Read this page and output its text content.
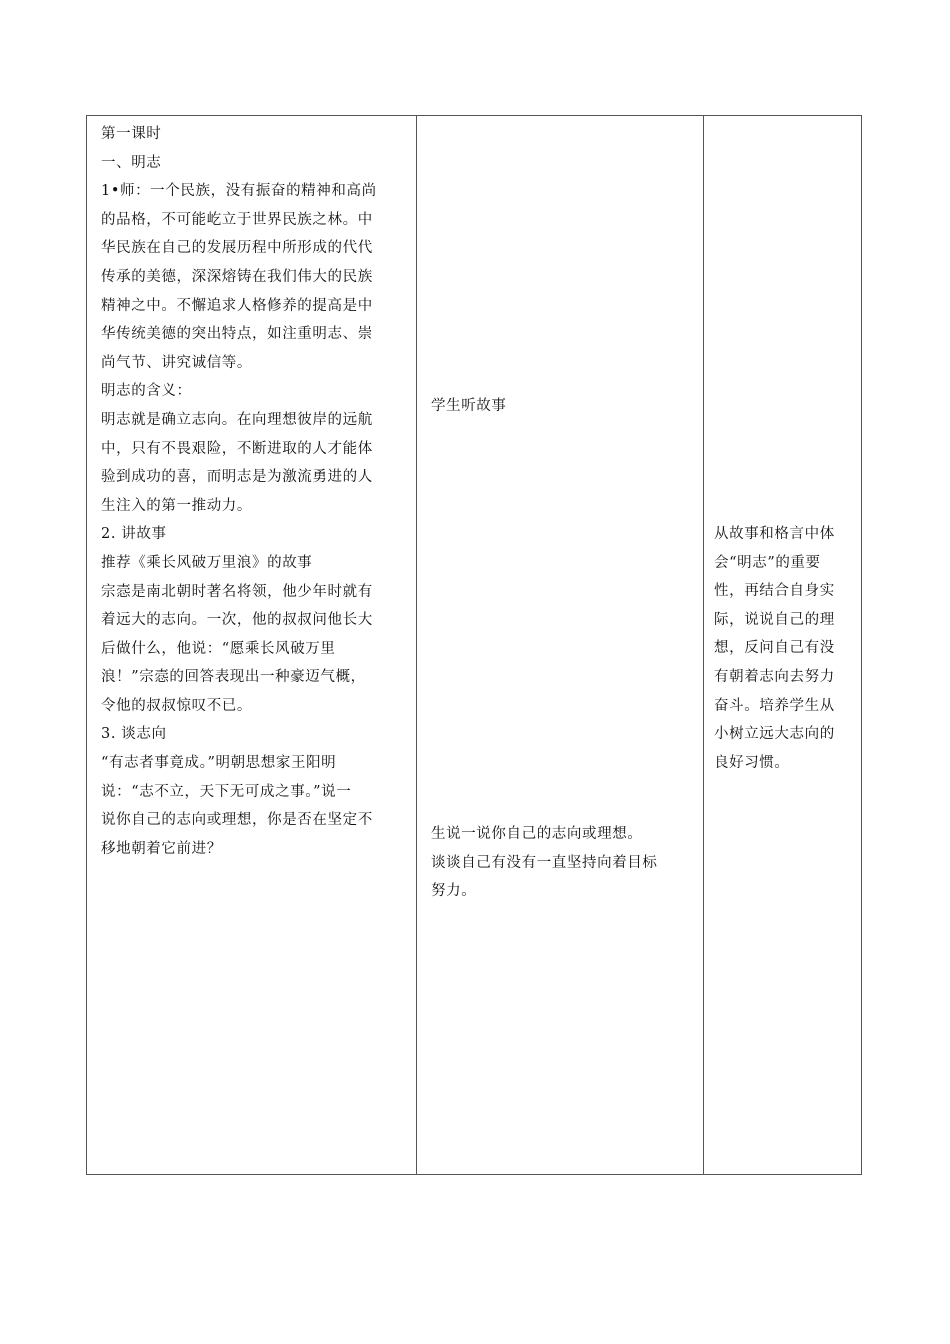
第一课时

一、明志

1•师：一个民族，没有振奋的精神和高尚

的品格，不可能屹立于世界民族之林。中

华民族在自己的发展历程中所形成的代代

传承的美德，深深熔铸在我们伟大的民族

精神之中。不懈追求人格修养的提高是中

华传统美德的突出特点，如注重明志、崇

尚气节、讲究诚信等。

明志的含义：

明志就是确立志向。在向理想彼岸的远航

中，只有不畏艰险，不断进取的人才能体

验到成功的喜，而明志是为激流勇进的人

生注入的第一推动力。

2. 讲故事

推荐《乘长风破万里浪》的故事

宗悫是南北朝时著名将领，他少年时就有

着远大的志向。一次，他的叔叔问他长大

后做什么，他说：“愿乘长风破万里

浪！”宗悫的回答表现出一种豪迈气概，

令他的叔叔惊叹不已。

3. 谈志向

“有志者事竟成。”明朝思想家王阳明

说：“志不立，天下无可成之事。”说一

说你自己的志向或理想，你是否在坚定不

移地朝着它前进？

学生听故事

生说一说你自己的志向或理想。

谈谈自己有没有一直坚持向着目标

努力。

从故事和格言中体

会“明志”的重要

性，再结合自身实

际，说说自己的理

想，反问自己有没

有朝着志向去努力

奋斗。培养学生从

小树立远大志向的

良好习惯。
